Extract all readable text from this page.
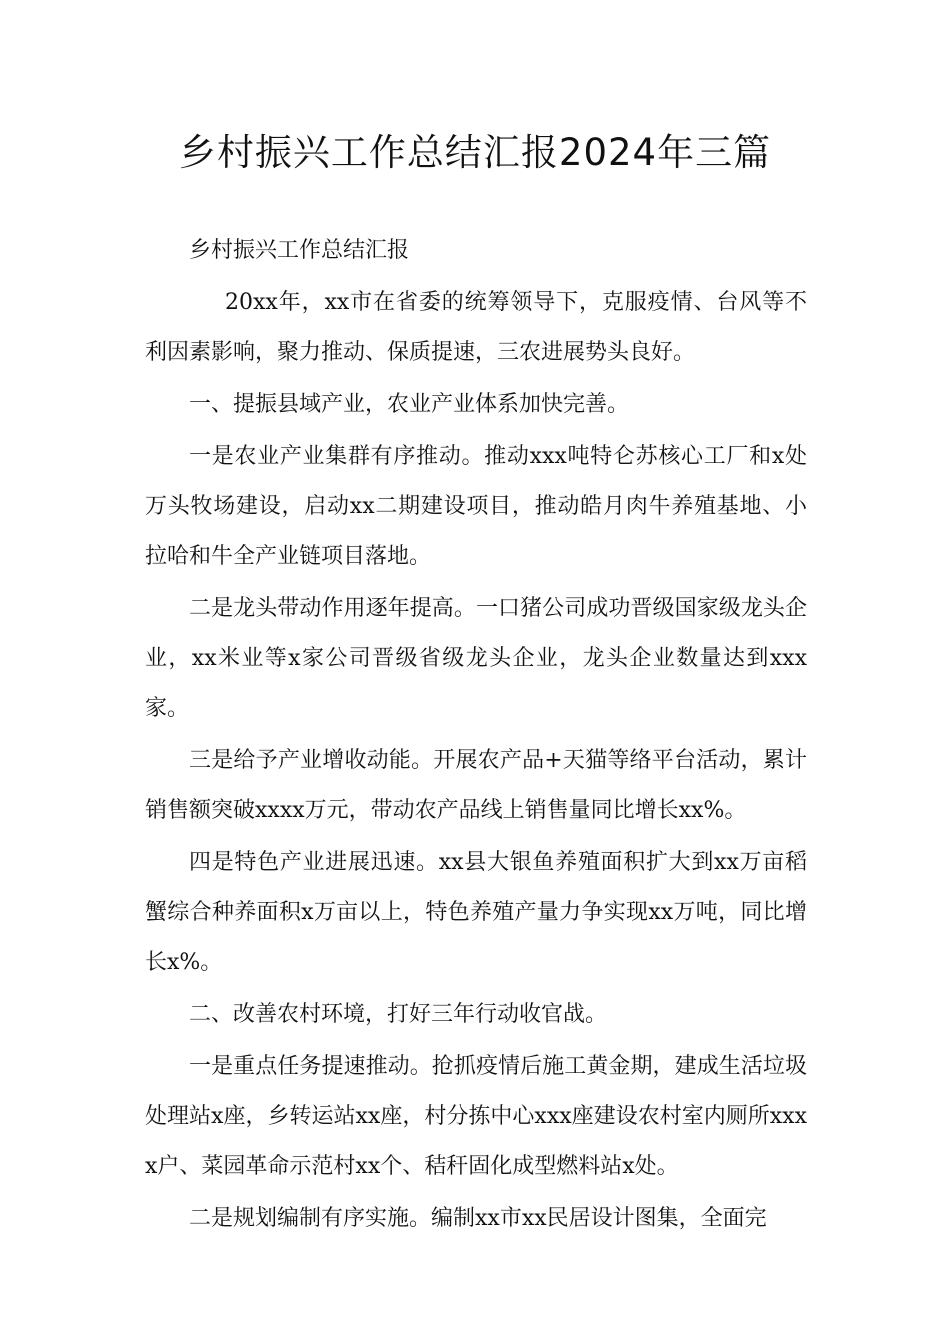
乡村振兴工作总结汇报2024年三篇

乡村振兴工作总结汇报

20xx年，xx市在省委的统筹领导下，克服疫情、台风等不利因素影响，聚力推动、保质提速，三农进展势头良好。

一、提振县域产业，农业产业体系加快完善。

一是农业产业集群有序推动。推动xxx吨特仑苏核心工厂和x处万头牧场建设，启动xx二期建设项目，推动皓月肉牛养殖基地、小拉哈和牛全产业链项目落地。

二是龙头带动作用逐年提高。一口猪公司成功晋级国家级龙头企业，xx米业等x家公司晋级省级龙头企业，龙头企业数量达到xxx家。

三是给予产业增收动能。开展农产品+天猫等络平台活动，累计销售额突破xxxx万元，带动农产品线上销售量同比增长xx%。

四是特色产业进展迅速。xx县大银鱼养殖面积扩大到xx万亩稻蟹综合种养面积x万亩以上，特色养殖产量力争实现xx万吨，同比增长x%。

二、改善农村环境，打好三年行动收官战。

一是重点任务提速推动。抢抓疫情后施工黄金期，建成生活垃圾处理站x座，乡转运站xx座，村分拣中心xxx座建设农村室内厕所xxxx户、菜园革命示范村xx个、秸秆固化成型燃料站x处。

二是规划编制有序实施。编制xx市xx民居设计图集，全面完
